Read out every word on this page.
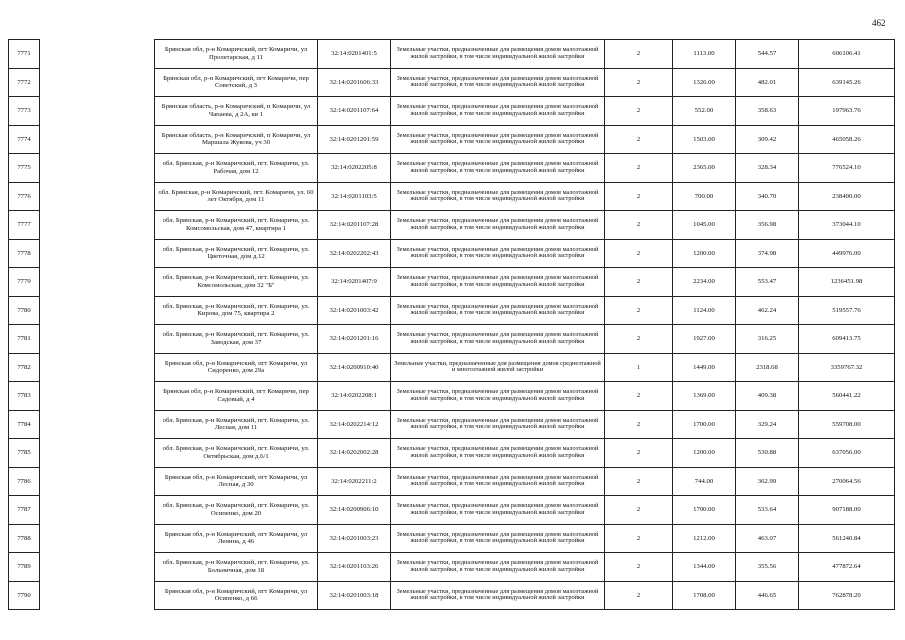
462
7771		Брянская обл, р-н Комаричский, пгт Комаричи, ул Пролетарская, д 11	32:14:0201401:5	Земельные участки, предназначенные для размещения домов малоэтажной жилой застройки, в том числе индивидуальной жилой застройки	2	1113.00	544.57	606106.41
7772		Брянская обл, р-н Комаричский, пгт Комаричи, пер Советский, д 3	32:14:0201606:33	Земельные участки, предназначенные для размещения домов малоэтажной жилой застройки, в том числе индивидуальной жилой застройки	2	1326.00	482.01	639145.26
7773		Брянская область, р-н Комаричский, п Комаричи, ул Чапаева, д 2А, кв 1	32:14:0201107:64	Земельные участки, предназначенные для размещения домов малоэтажной жилой застройки, в том числе индивидуальной жилой застройки	2	552.00	358.63	197963.76
7774		Брянская область, р-н Комаричский, п Комаричи, ул Маршала Жукова, уч 30	32:14:0201201:59	Земельные участки, предназначенные для размещения домов малоэтажной жилой застройки, в том числе индивидуальной жилой застройки	2	1503.00	309.42	465058.26
7775		обл. Брянская, р-н Комаричский, пгт. Комаричи, ул. Рабочая, дом 12	32:14:0202205:8	Земельные участки, предназначенные для размещения домов малоэтажной жилой застройки, в том числе индивидуальной жилой застройки	2	2365.00	328.34	776524.10
7776		обл. Брянская, р-н Комаричский, пгт. Комаричи, ул. 60 лет Октября, дом 11	32:14:0201103:5	Земельные участки, предназначенные для размещения домов малоэтажной жилой застройки, в том числе индивидуальной жилой застройки	2	700.00	340.70	238490.00
7777		обл. Брянская, р-н Комаричский, пгт. Комаричи, ул. Комсомольская, дом 47, квартира 1	32:14:0201107:28	Земельные участки, предназначенные для размещения домов малоэтажной жилой застройки, в том числе индивидуальной жилой застройки	2	1045.00	356.98	373044.10
7778		обл. Брянская, р-н Комаричский, пгт. Комаричи, ул. Цветочная, дом д.12	32:14:0202202:43	Земельные участки, предназначенные для размещения домов малоэтажной жилой застройки, в том числе индивидуальной жилой застройки	2	1200.00	374.98	449976.00
7779		обл. Брянская, р-н Комаричский, пгт. Комаричи, ул. Комсомольская, дом 32 "Б"	32:14:0201407:9	Земельные участки, предназначенные для размещения домов малоэтажной жилой застройки, в том числе индивидуальной жилой застройки	2	2234.00	553.47	1236451.98
7780		обл. Брянская, р-н Комаричский, пгт. Комаричи, ул. Кирова, дом 75, квартира 2	32:14:0201003:42	Земельные участки, предназначенные для размещения домов малоэтажной жилой застройки, в том числе индивидуальной жилой застройки	2	1124.00	462.24	519557.76
7781		обл. Брянская, р-н Комаричский, пгт. Комаричи, ул. Заводская, дом 37	32:14:0201201:16	Земельные участки, предназначенные для размещения домов малоэтажной жилой застройки, в том числе индивидуальной жилой застройки	2	1927.00	316.25	609413.75
7782		Брянская обл, р-н Комаричский, пгт Комаричи, ул Сидоренко, дом 29а	32:14:0200910:40	Земельные участки, предназначенные для размещения домов среднеэтажной и многоэтажной жилой застройки	1	1449.00	2318.68	3359767.32
7783		Брянская обл, р-н Комаричский, пгт Комаричи, пер Садовый, д 4	32:14:0202208:1	Земельные участки, предназначенные для размещения домов малоэтажной жилой застройки, в том числе индивидуальной жилой застройки	2	1369.00	409.38	560441.22
7784		обл. Брянская, р-н Комаричский, пгт. Комаричи, ул. Лесная, дом 11	32:14:0202214:12	Земельные участки, предназначенные для размещения домов малоэтажной жилой застройки, в том числе индивидуальной жилой застройки	2	1700.00	329.24	559708.00
7785		обл. Брянская, р-н Комаричский, пгт. Комаричи, ул. Октябрьская, дом д.6/1	32:14:0202002:28	Земельные участки, предназначенные для размещения домов малоэтажной жилой застройки, в том числе индивидуальной жилой застройки	2	1200.00	530.88	637056.00
7786		Брянская обл, р-н Комаричский, пгт Комаричи, ул Лесная, д 30	32:14:0202211:2	Земельные участки, предназначенные для размещения домов малоэтажной жилой застройки, в том числе индивидуальной жилой застройки	2	744.00	362.99	270064.56
7787		обл. Брянская, р-н Комаричский, пгт. Комаричи, ул. Осипенко, дом 20	32:14:0200906:10	Земельные участки, предназначенные для размещения домов малоэтажной жилой застройки, в том числе индивидуальной жилой застройки	2	1700.00	533.64	907188.00
7788		Брянская обл, р-н Комаричский, пгт Комаричи, ул Ленина, д 46	32:14:0201003:23	Земельные участки, предназначенные для размещения домов малоэтажной жилой застройки, в том числе индивидуальной жилой застройки	2	1212.00	463.07	561240.84
7789		обл. Брянская, р-н Комаричский, пгт. Комаричи, ул. Больничная, дом 18	32:14:0201103:26	Земельные участки, предназначенные для размещения домов малоэтажной жилой застройки, в том числе индивидуальной жилой застройки	2	1344.00	355.56	477872.64
7790		Брянская обл, р-н Комаричский, пгт Комаричи, ул Осипенко, д 66	32:14:0201003:18	Земельные участки, предназначенные для размещения домов малоэтажной жилой застройки, в том числе индивидуальной жилой застройки	2	1708.00	446.65	762878.20
